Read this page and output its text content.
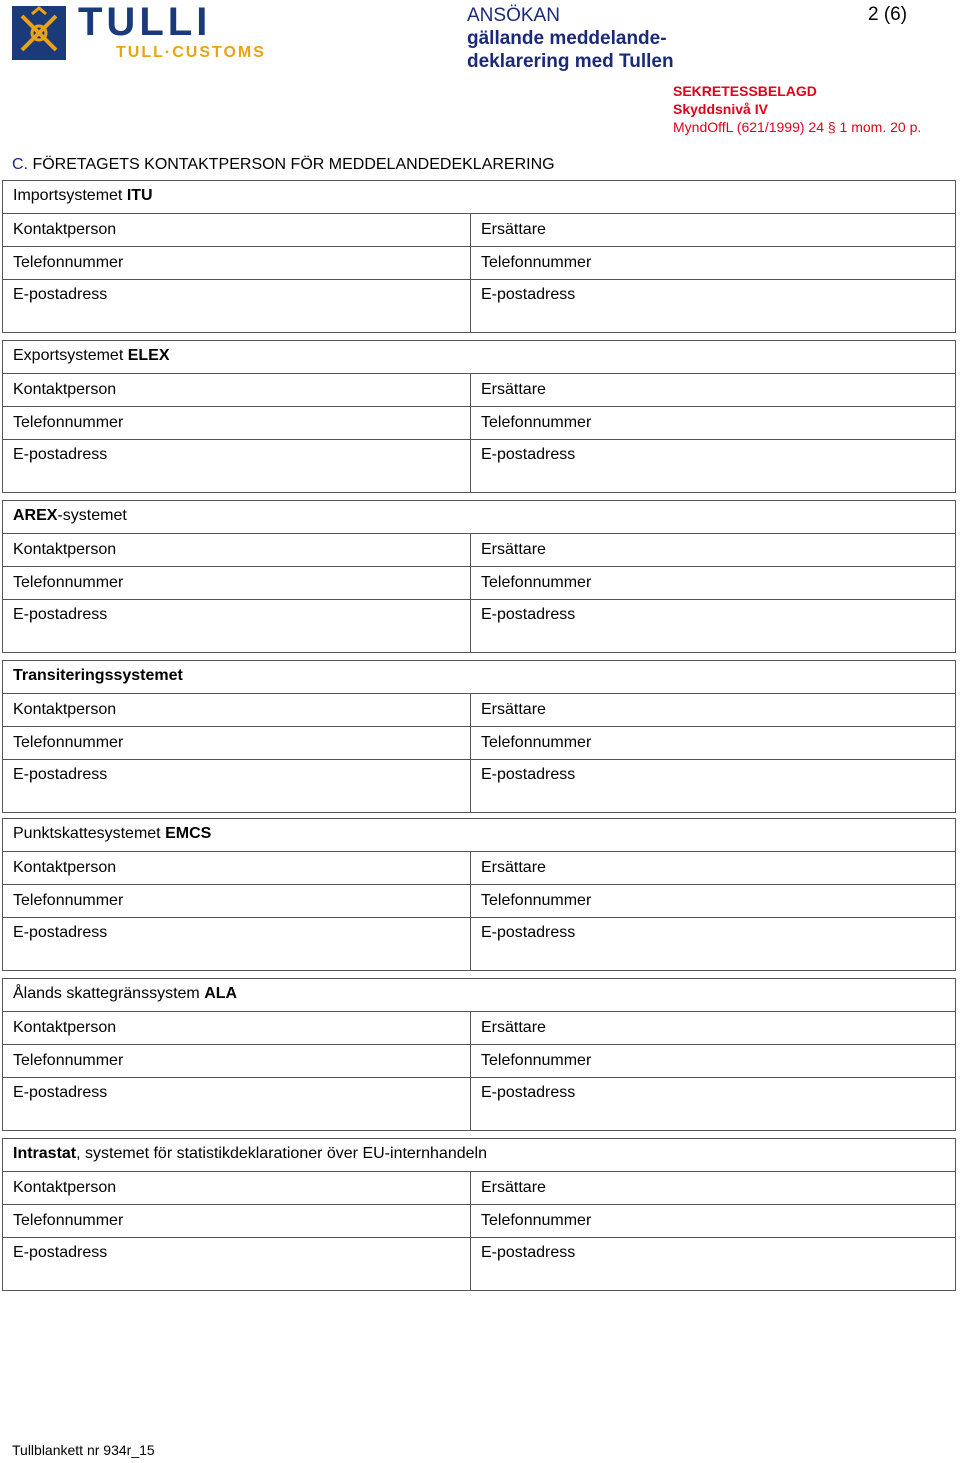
TULLI
TULL·CUSTOMS
ANSÖKAN
gällande meddelande-deklarering med Tullen
2 (6)
SEKRETESSBELAGD
Skyddsnivå IV
MyndOffL (621/1999) 24 § 1 mom. 20 p.
C. FÖRETAGETS KONTAKTPERSON FÖR MEDDELANDEDEKLARERING
Importsystemet ITU
Kontaktperson
Telefonnummer
E-postadress
Ersättare
Telefonnummer
E-postadress
Exportsystemet ELEX
Kontaktperson
Telefonnummer
E-postadress
Ersättare
Telefonnummer
E-postadress
AREX-systemet
Kontaktperson
Telefonnummer
E-postadress
Ersättare
Telefonnummer
E-postadress
Transiteringssystemet
Kontaktperson
Telefonnummer
E-postadress
Ersättare
Telefonnummer
E-postadress
Punktskattesystemet EMCS
Kontaktperson
Telefonnummer
E-postadress
Ersättare
Telefonnummer
E-postadress
Ålands skattegränssystem ALA
Kontaktperson
Telefonnummer
E-postadress
Ersättare
Telefonnummer
E-postadress
Intrastat, systemet för statistikdeklarationer över EU-internhandeln
Kontaktperson
Telefonnummer
E-postadress
Ersättare
Telefonnummer
E-postadress
Tullblankett nr 934r_15
